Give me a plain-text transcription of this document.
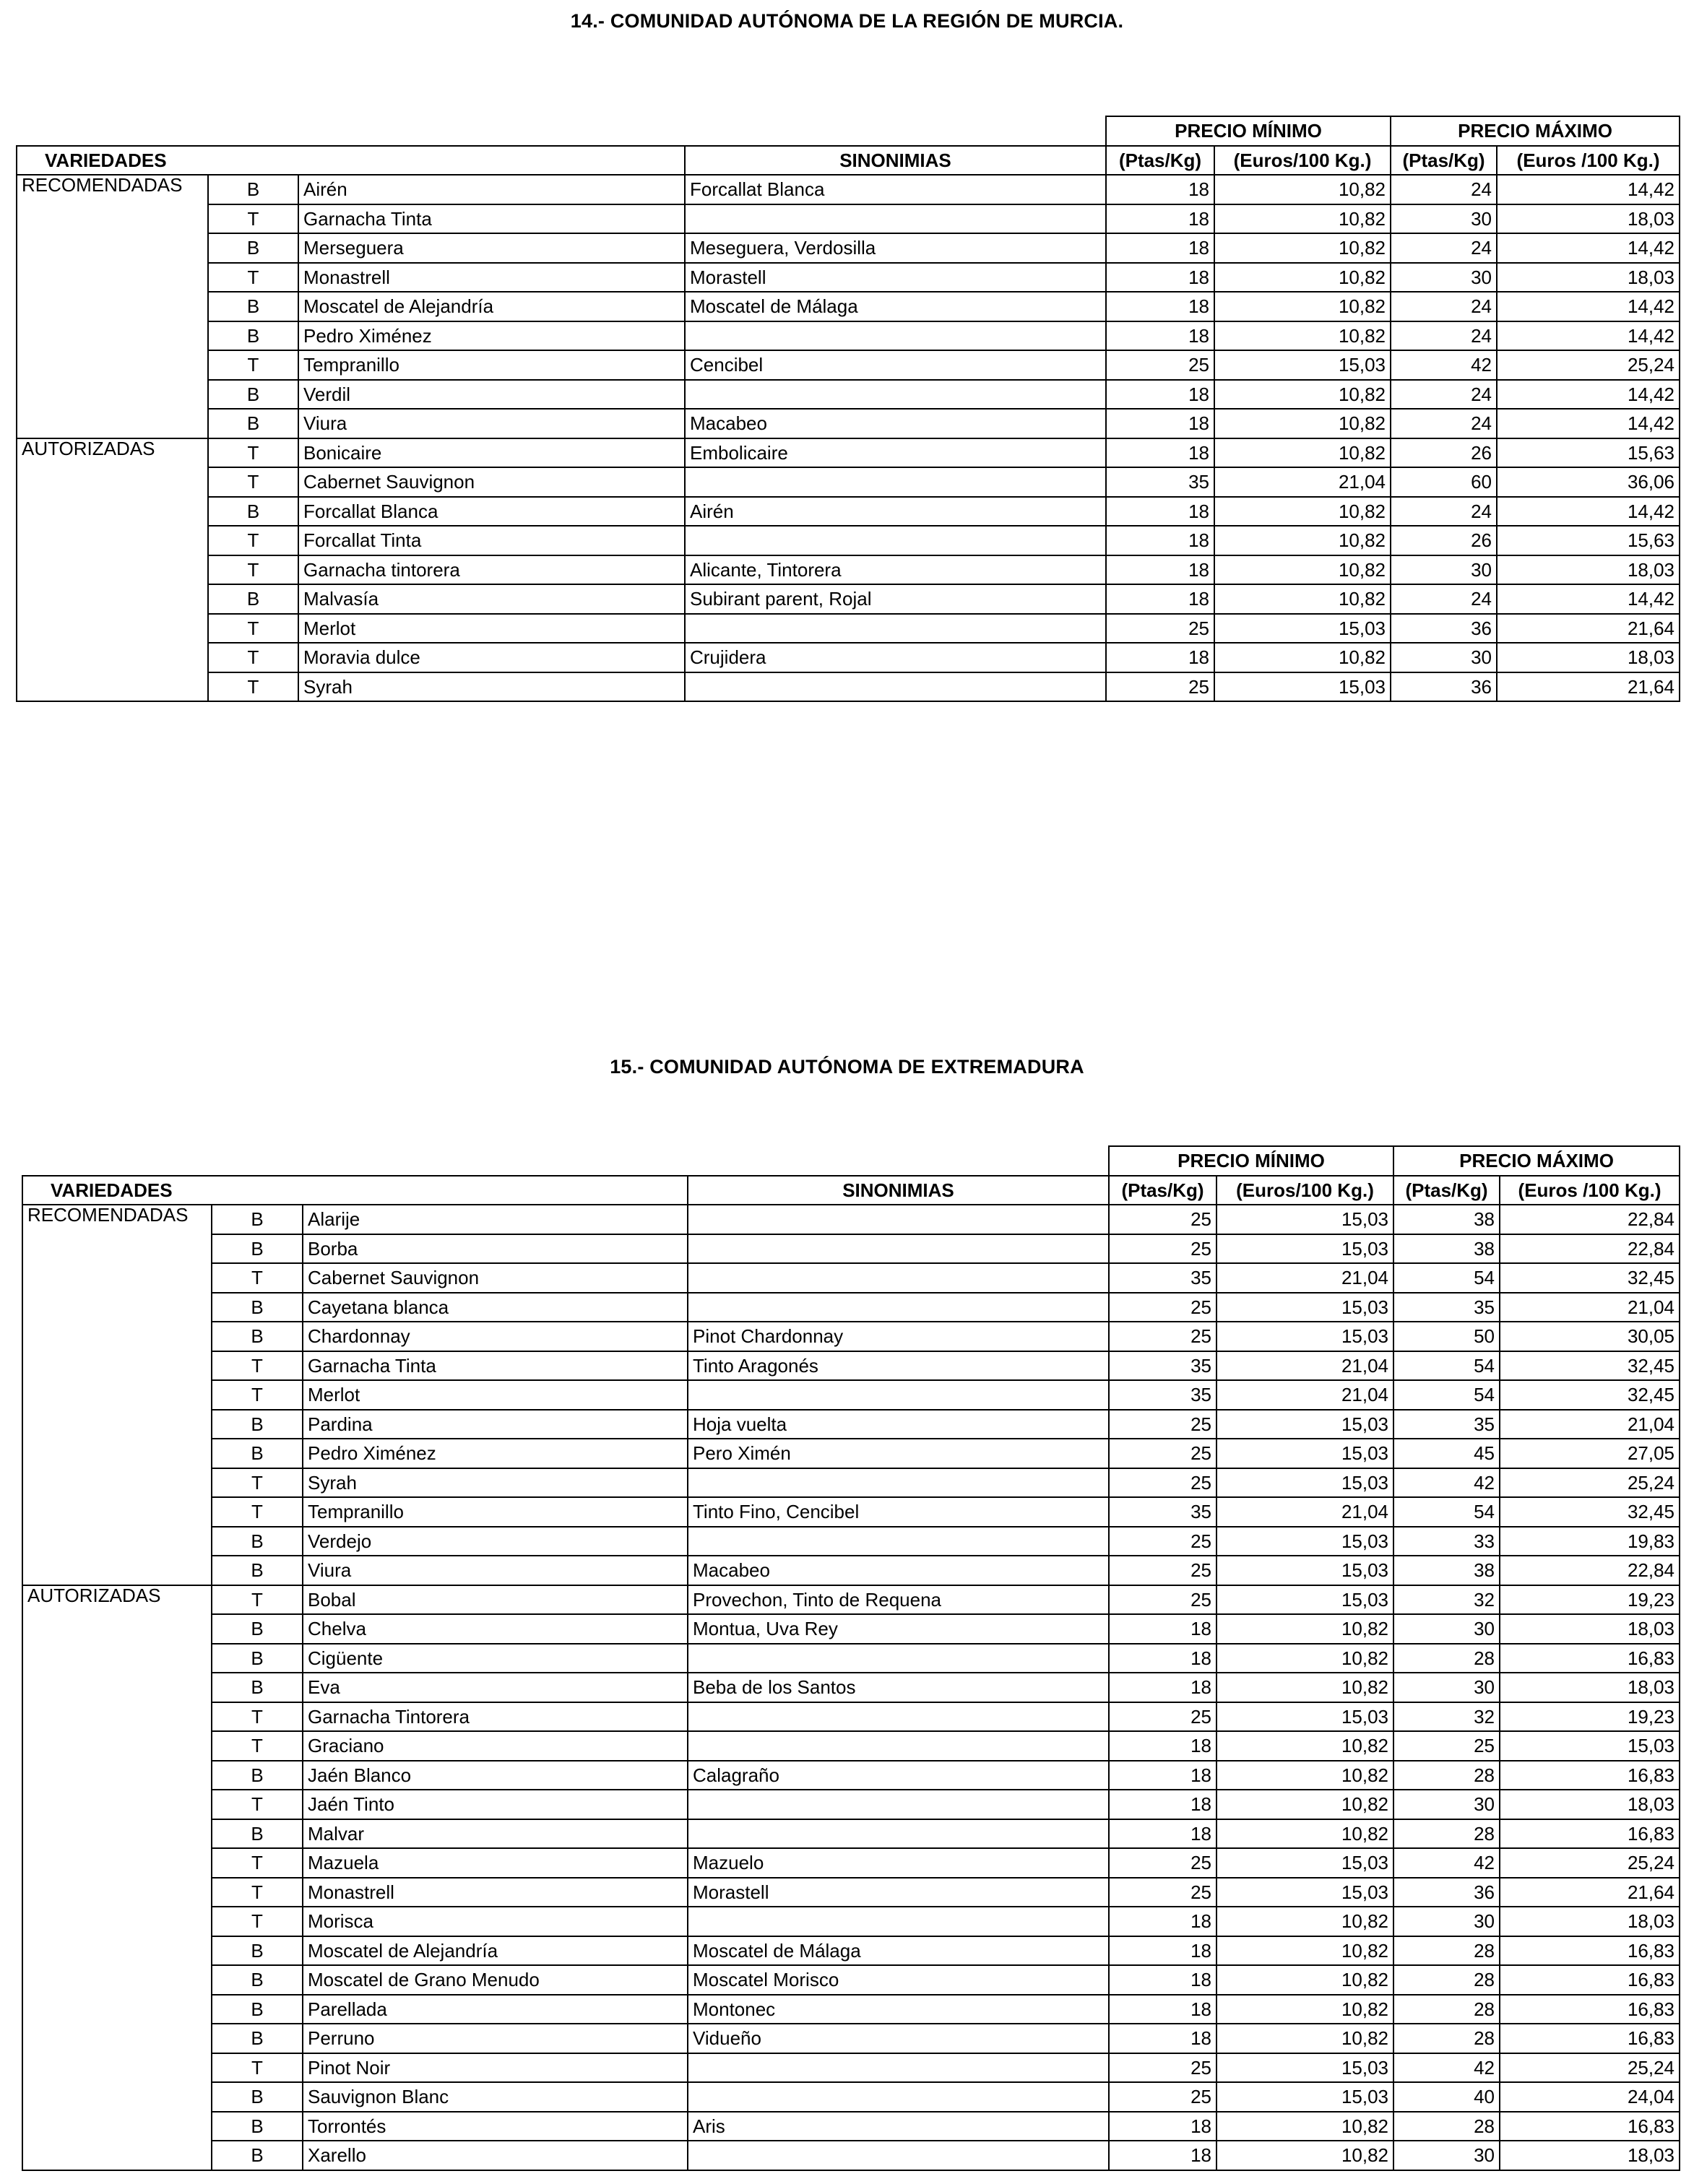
14.- COMUNIDAD AUTÓNOMA DE LA REGIÓN DE MURCIA.
				PRECIO MÍNIMO		PRECIO MÁXIMO	
VARIEDADES			SINONIMIAS	(Ptas/Kg)	(Euros/100 Kg.)	(Ptas/Kg)	(Euros /100 Kg.)
RECOMENDADAS	B	Airén	Forcallat Blanca	18	10,82	24	14,42
	T	Garnacha Tinta		18	10,82	30	18,03
	B	Merseguera	Meseguera, Verdosilla	18	10,82	24	14,42
	T	Monastrell	Morastell	18	10,82	30	18,03
	B	Moscatel de Alejandría	Moscatel de Málaga	18	10,82	24	14,42
	B	Pedro Ximénez		18	10,82	24	14,42
	T	Tempranillo	Cencibel	25	15,03	42	25,24
	B	Verdil		18	10,82	24	14,42
	B	Viura	Macabeo	18	10,82	24	14,42
AUTORIZADAS	T	Bonicaire	Embolicaire	18	10,82	26	15,63
	T	Cabernet Sauvignon		35	21,04	60	36,06
	B	Forcallat Blanca	Airén	18	10,82	24	14,42
	T	Forcallat Tinta		18	10,82	26	15,63
	T	Garnacha tintorera	Alicante, Tintorera	18	10,82	30	18,03
	B	Malvasía	Subirant parent, Rojal	18	10,82	24	14,42
	T	Merlot		25	15,03	36	21,64
	T	Moravia dulce	Crujidera	18	10,82	30	18,03
	T	Syrah		25	15,03	36	21,64
15.- COMUNIDAD AUTÓNOMA DE EXTREMADURA
				PRECIO MÍNIMO		PRECIO MÁXIMO	
VARIEDADES			SINONIMIAS	(Ptas/Kg)	(Euros/100 Kg.)	(Ptas/Kg)	(Euros /100 Kg.)
RECOMENDADAS	B	Alarije		25	15,03	38	22,84
	B	Borba		25	15,03	38	22,84
	T	Cabernet Sauvignon		35	21,04	54	32,45
	B	Cayetana blanca		25	15,03	35	21,04
	B	Chardonnay	Pinot Chardonnay	25	15,03	50	30,05
	T	Garnacha Tinta	Tinto Aragonés	35	21,04	54	32,45
	T	Merlot		35	21,04	54	32,45
	B	Pardina	Hoja vuelta	25	15,03	35	21,04
	B	Pedro Ximénez	Pero Ximén	25	15,03	45	27,05
	T	Syrah		25	15,03	42	25,24
	T	Tempranillo	Tinto Fino, Cencibel	35	21,04	54	32,45
	B	Verdejo		25	15,03	33	19,83
	B	Viura	Macabeo	25	15,03	38	22,84
AUTORIZADAS	T	Bobal	Provechon, Tinto de Requena	25	15,03	32	19,23
	B	Chelva	Montua, Uva Rey	18	10,82	30	18,03
	B	Cigüente		18	10,82	28	16,83
	B	Eva	Beba de los Santos	18	10,82	30	18,03
	T	Garnacha Tintorera		25	15,03	32	19,23
	T	Graciano		18	10,82	25	15,03
	B	Jaén Blanco	Calagraño	18	10,82	28	16,83
	T	Jaén Tinto		18	10,82	30	18,03
	B	Malvar		18	10,82	28	16,83
	T	Mazuela	Mazuelo	25	15,03	42	25,24
	T	Monastrell	Morastell	25	15,03	36	21,64
	T	Morisca		18	10,82	30	18,03
	B	Moscatel de Alejandría	Moscatel de Málaga	18	10,82	28	16,83
	B	Moscatel de Grano Menudo	Moscatel Morisco	18	10,82	28	16,83
	B	Parellada	Montonec	18	10,82	28	16,83
	B	Perruno	Vidueño	18	10,82	28	16,83
	T	Pinot Noir		25	15,03	42	25,24
	B	Sauvignon Blanc		25	15,03	40	24,04
	B	Torrontés	Aris	18	10,82	28	16,83
	B	Xarello		18	10,82	30	18,03
